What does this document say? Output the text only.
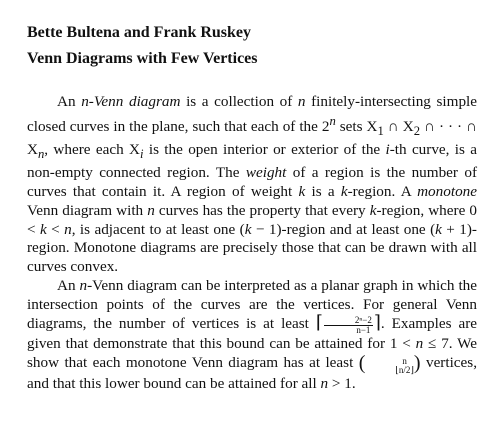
Bette Bultena and Frank Ruskey
Venn Diagrams with Few Vertices

An n-Venn diagram is a collection of n finitely-intersecting simple closed curves in the plane, such that each of the 2$^n$ sets $X_1$ ∩ $X_2$ ∩ · · · ∩ $X_n$, where each $X_i$ is the open interior or exterior of the i-th curve, is a non-empty connected region. The weight of a region is the number of curves that contain it. A region of weight k is a k-region. A monotone Venn diagram with n curves has the property that every k-region, where 0 < k < n, is adjacent to at least one (k − 1)-region and at least one (k + 1)-region. Monotone diagrams are precisely those that can be drawn with all curves convex.

An n-Venn diagram can be interpreted as a planar graph in which the intersection points of the curves are the vertices. For general Venn diagrams, the number of vertices is at least ⌈ $\frac{\text{2ⁿ−2}}{n-1}$ ⌉. Examples are given that demonstrate that this bound can be attained for 1 < n ≤ 7. We show that each monotone Venn diagram has at least (	n
⌊n/2⌋ ) vertices, and that this lower bound can be attained for all n > 1.
